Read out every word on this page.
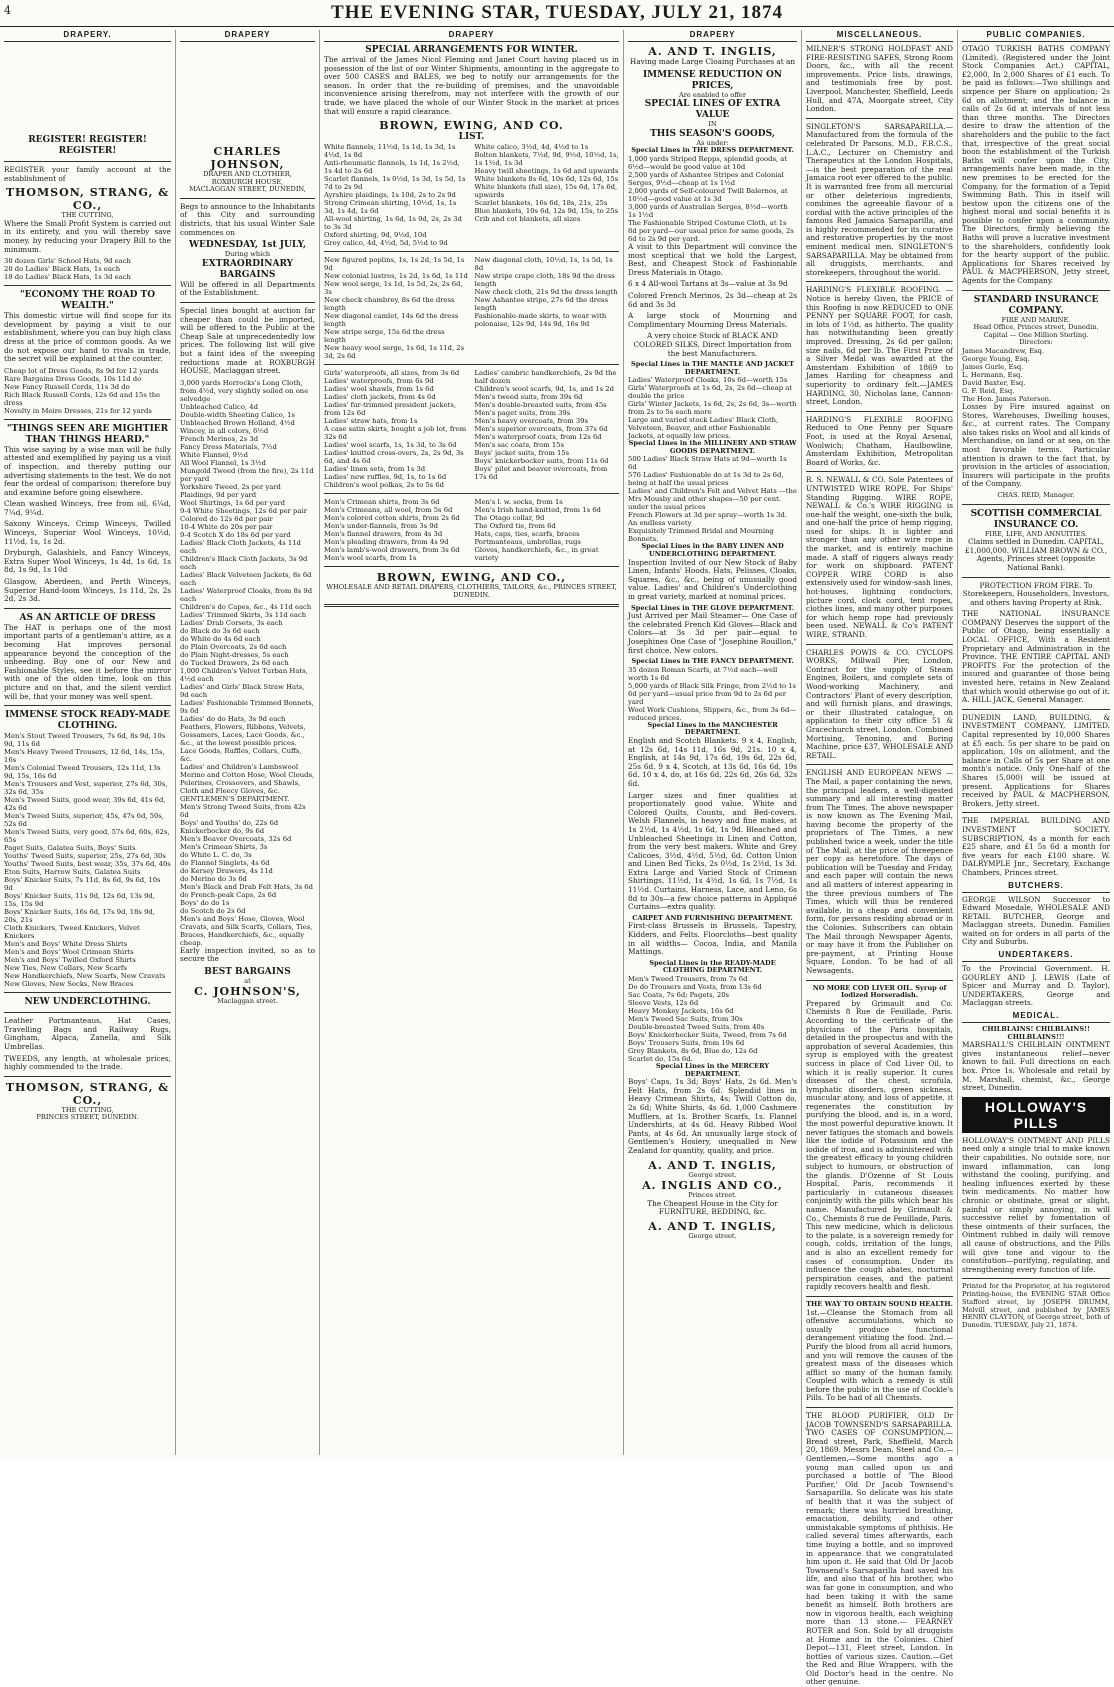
4	THE EVENING STAR, TUESDAY, JULY 21, 1874
DRAPERY.
REGISTER! REGISTER! REGISTER!

REGISTER your family account at the establishment of

THOMSON, STRANG, & CO.,
THE CUTTING,

Where the Small Profit System is carried out in its entirety, and you will thereby save money, by reducing your Drapery Bill to the minimum.

30 dozen Girls' School Hats, 9d each
20 do Ladies' Black Hats, 1s each
18 do Ladies' Black Hats, 1s 3d each
"ECONOMY THE ROAD TO WEALTH."

This domestic virtue will find scope for its development by paying a visit to our establishment, where you can buy high class dress at the price of common goods. As we do not expose our hand to rivals in trade, the secret will be explained at the counter.

Cheap lot of Dress Goods, 8s 9d for 12 yards
Rare Bargains Dress Goods, 10s 11d do
New Fancy Russell Cords, 11s 3d do
Rich Black Russell Cords, 12s 6d and 15s the dress
Novelty in Moire Dresses, 21s for 12 yards
"THINGS SEEN ARE MIGHTIER THAN THINGS HEARD."

This wise saying by a wise man will be fully attested and exemplified by paying us a visit of inspection, and thereby putting our advertising statements to the test. We do not fear the ordeal of comparison; therefore buy and examine before going elsewhere.

Clean washed Winceys, free from oil, 6¼d, 7¼d, 9¼d.

Saxony Winceys, Crimp Winceys, Twilled Winceys, Superior Wool Winceys, 10½d, 11½d, 1s, 1s 2d.

Dryburgh, Galashiels, and Fancy Winceys, Extra Super Wool Winceys, 1s 4d, 1s 6d, 1s 8d, 1s 9d, 1s 10d

Glasgow, Aberdeen, and Perth Winceys, Superior Hand-loom Winceys, 1s 11d, 2s, 2s 2d, 2s 3d.

AS AN ARTICLE OF DRESS

The HAT is perhaps one of the most important parts of a gentleman's attire, as a becoming Hat improves personal appearance beyond the conception of the unheeding. Buy one of our New and Fashionable Styles, see it before the mirror with one of the olden time, look on this picture and on that, and the silent verdict will be, that your money was well spent.

IMMENSE STOCK READY-MADE CLOTHING.
Men's Stout Tweed Trousers, 7s 6d, 8s 9d, 10s 9d, 11s 6d
Men's Heavy Tweed Trousers, 12 6d, 14s, 15s, 16s
Men's Colonial Tweed Trousers, 12s 11d, 13s 9d, 15s, 16s 6d
Men's Trousers and Vest, superior, 27s 6d, 30s, 32s 6d, 35s
Men's Tweed Suits, good wear, 39s 6d, 41s 6d, 42s 6d
Men's Tweed Suits, superior, 45s, 47s 6d, 50s, 52s 6d
Men's Tweed Suits, very good, 57s 6d, 60s, 62s, 65s
Paget Suits, Galatea Suits, Boys' Suits
Youths' Tweed Suits, superior, 25s, 27s 6d, 30s
Youths' Tweed Suits, best wear, 35s, 37s 6d, 40s
Eton Suits, Harrow Suits, Galatea Suits
Boys' Knicker Suits, 7s 11d, 8s 6d, 9s 6d, 10s 9d
Boys' Knicker Suits, 11s 9d, 12s 6d, 13s 9d, 15s, 15s 9d
Boys' Knicker Suits, 16s 6d, 17s 9d, 18s 9d, 20s, 21s
Cloth Knickers, Tweed Knickers, Velvet Knickers
Men's and Boys' White Dress Shirts
Men's and Boys' Wool Crimean Shirts
Men's and Boys' Twilled Oxford Shirts
New Ties, New Collars, New Scarfs
New Handkerchiefs, New Scarfs, New Cravats
New Gloves, New Socks, New Braces
NEW UNDERCLOTHING.

Leather Portmanteaus, Hat Cases, Travelling Bags and Railway Rugs, Gingham, Alpaca, Zanella, and Silk Umbrellas.

TWEEDS, any length, at wholesale prices, highly commended to the trade.

THOMSON, STRANG, & CO.,
THE CUTTING,
PRINCES STREET, DUNEDIN.
DRAPERY
CHARLES JOHNSON,
DRAPER AND CLOTHIER,
ROXBURGH HOUSE,
MACLAGGAN STREET, DUNEDIN,

Begs to announce to the Inhabitants of this City and surrounding districts, that his usual Winter Sale commences on

WEDNESDAY, 1st JULY,
During which
EXTRAORDINARY BARGAINS

Will be offered in all Departments of the Establishment.

Special lines bought at auction far cheaper than could be imported, will be offered to the Public at the Cheap Sale at unprecedentedly low prices. The following list will give but a faint idea of the sweeping reductions made at ROXBURGH HOUSE, Maclaggan street.

3,000 yards Horrocks's Long Cloth, from 4½d, very slightly soiled on one selvedge
Unbleached Calico, 4d
Double-width Sheeting Calico, 1s
Unbleached Brown Holland, 4½d
Wincey, in all colors, 6½d
French Merinos, 2s 3d
Fancy Dress Materials, 7½d
White Flannel, 9½d
All Wool Flannel, 1s 3½d
Mungold Tweed (from the fire), 2s 11d per yard
Yorkshire Tweed, 2s per yard
Plaidings, 9d per yard
Wool Shirtings, 1s 6d per yard
9-4 White Sheetings, 12s 6d per pair
Colored do 12s 6d per pair
10-4 White do 20s per pair
9-4 Scotch X do 18s 6d per yard
Ladies' Black Cloth Jackets, 4s 11d each
Children's Black Cloth Jackets, 3s 9d each
Ladies' Black Velveteen Jackets, 8s 6d each
Ladies' Waterproof Cloaks, from 8s 9d each
Children's do Capes, &c., 4s 11d each
Ladies' Trimmed Skirts, 3s 11d each
Ladies' Drab Corsets, 3s each
do Black do 3s 6d each
do White do 4s 6d each
do Plain Overcoats, 2s 6d each
do Plain Night-dresses, 5s each
do Tucked Drawers, 2s 6d each
1,000 Children's Velvet Turban Hats, 4½d each
Ladies' and Girls' Black Straw Hats, 9d each
Ladies' Fashionable Trimmed Bonnets, 9s 6d
Ladies' do do Hats, 3s 9d each
Feathers, Flowers, Ribbons, Velvets, Gossamers, Laces, Lace Goods, &c., &c., at the lowest possible prices.
Lace Goods, Ruffles, Collars, Cuffs, &c.
Ladies' and Children's Lambswool Merino and Cotton Hose, Wool Clouds, Pelerines, Crossovers, and Shawls, Cloth and Fleecy Gloves, &c.
GENTLEMEN'S DEPARTMENT.
Men's Strong Tweed Suits, from 42s 6d
Boys' and Youths' do, 22s 6d
Knickerbocker do, 9s 6d
Men's Beaver Overcoats, 32s 6d
Men's Crimean Shirts, 3s
do White L. C. do, 3s
do Flannel Singlets, 4s 6d
do Kersey Drawers, 4s 11d
do Merino do 3s 6d
Men's Black and Drab Felt Hats, 3s 6d
do French-peak Caps, 2s 6d
Boys' do do 1s
do Scotch do 2s 6d
Men's and Boys' Hose, Gloves, Wool Cravats, and Silk Scarfs, Collars, Ties, Braces, Handkerchiefs, &c., equally cheap.

Early inspection invited, so as to secure the

BEST BARGAINS
at
C. JOHNSON'S,
Maclaggan street.
DRAPERY
SPECIAL ARRANGEMENTS FOR WINTER.

The arrival of the James Nicol Fleming and Janet Court having placed us in possession of the list of our Winter Shipments, amounting in the aggregate to over 500 CASES and BALES, we beg to notify our arrangements for the season. In order that the re-building of premises, and the unavoidable inconvenience arising therefrom, may not interfere with the growth of our trade, we have placed the whole of our Winter Stock in the market at prices that will ensure a rapid clearance.

BROWN, EWING, AND CO.
LIST.
White flannels, 11½d, 1s 1d, 1s 3d, 1s 4½d, 1s 8d
Anti-rheumatic flannels, 1s 1d, 1s 2½d, 1s 4d to 2s 6d
Scarlet flannels, 1s 0½d, 1s 3d, 1s 5d, 1s 7d to 2s 9d
Ayrshire plaidings, 1s 10d, 2s to 2s 9d
Strong Crimean shirting, 10½d, 1s, 1s 3d, 1s 4d, 1s 6d
All-wool shirting, 1s 6d, 1s 9d, 2s, 2s 3d to 3s 3d
Oxford shirting, 9d, 9½d, 10d
Grey calico, 4d, 4½d, 5d, 5½d to 9d
White calico, 3½d, 4d, 4½d to 1s
Bolton blankets, 7½d, 9d, 9½d, 10½d, 1s, 1s 1½d, 1s 3d
Heavy twill sheetings, 1s 6d and upwards
White blankets 8s 6d, 10s 6d, 12s 6d, 15s
White blankets (full size), 15s 6d, 17s 6d, upwards
Scarlet blankets, 16s 6d, 18s, 21s, 25s
Blue blankets, 10s 6d, 12s 9d, 15s, to 25s
Crib and cot blankets, all sizes
New figured poplins, 1s, 1s 2d, 1s 5d, 1s 9d
New colonial lustres, 1s 2d, 1s 6d, 1s 11d
New wool serge, 1s 1d, 1s 5d, 2s, 2s 6d, 3s
New check chambrey, 8s 6d the dress length
New diagonal camlet, 14s 6d the dress length
New stripe serge, 15s 6d the dress length
New heavy wool serge, 1s 6d, 1s 11d, 2s 3d, 2s 6d
New diagonal cloth, 10½d, 1s, 1s 5d, 1s 8d
New stripe crape cloth, 18s 9d the dress length
New check cloth, 21s 9d the dress length
New Ashantee stripe, 27s 6d the dress length
Fashionable-made skirts, to wear with polonaise, 12s 9d, 14s 9d, 16s 9d
Girls' waterproofs, all sizes, from 3s 6d
Ladies' waterproofs, from 6s 9d
Ladies' wool shawls, from 1s 6d
Ladies' cloth jackets, from 4s 6d
Ladies' fur-trimmed president jackets, from 12s 6d
Ladies' straw hats, from 1s
A case satin skirts, bought a job lot, from 32s 6d
Ladies' wool scarfs, 1s, 1s 3d, to 3s 6d
Ladies' knitted cross-overs, 2s, 2s 9d, 3s 6d, and 4s 6d
Ladies' linen sets, from 1s 3d
Ladies' new ruffles, 9d, 1s, to 1s 6d
Children's wool polkas, 2s to 5s 6d
Ladies' cambric handkerchiefs, 2s 9d the half dozen
Children's wool scarfs, 9d, 1s, and 1s 2d
Men's tweed suits, from 39s 6d
Men's double-breasted suits, from 45s
Men's paget suits, from 39s
Men's heavy overcoats, from 39s
Men's superior overcoats, from 37s 6d
Men's waterproof coats, from 12s 6d
Men's sac coats, from 15s
Boys' jacket suits, from 15s
Boys' knickerbocker suits, from 11s 6d
Boys' pilot and beaver overcoats, from 17s 6d
Men's Crimean shirts, from 3s 6d
Men's Crimeans, all wool, from 5s 6d
Men's colored cotton shirts, from 2s 6d
Men's under-flannels, from 3s 9d
Men's flannel drawers, from 4s 3d
Men's pleading drawers, from 4s 9d
Men's lamb's-wool drawers, from 3s 6d
Men's wool scarfs, from 1s
Men's l. w. socks, from 1s
Men's Irish hand-knitted, from 1s 6d
The Otago collar, 9d
The Oxford tie, from 6d
Hats, caps, ties, scarfs, braces
Portmanteaus, umbrellas, rugs
Gloves, handkerchiefs, &c., in great variety
BROWN, EWING, AND CO.,
WHOLESALE AND RETAIL DRAPERS, CLOTHIERS, TAILORS, &c., PRINCES STREET, DUNEDIN.
DRAPERY
A. AND T. INGLIS,

Having made Large Cloaing Purchases at an

IMMENSE REDUCTION ON PRICES,
Are enabled to offer
SPECIAL LINES OF EXTRA VALUE
IN
THIS SEASON'S GOODS,
As under:
Special Lines in THE DRESS DEPARTMENT.
1,000 yards Striped Repps, splendid goods, at 6½d—would be good value at 10d
2,500 yards of Ashantee Stripes and Colonial Serges, 9½d—cheap at 1s 1½d
2,000 yards of Self-coloured Twill Balernos, at 10½d—good value at 1s 3d
3,000 yards of Australian Serges, 8½d—worth 1s 1½d
The Fashionable Striped Costume Cloth, at 1s 8d per yard—our usual price for same goods, 2s 6d to 2s 9d per yard.

A visit to this Department will convince the most sceptical that we hold the Largest, Best, and Cheapest Stock of Fashionable Dress Materials in Otago.

6 x 4 All-wool Tartans at 3s—value at 3s 9d

Colored French Merinos, 2s 3d—cheap at 2s 6d and 3s 3d

A large stock of Mourning and Complimentary Mourning Dress Materials.

A very choice Stock of BLACK AND COLORED SILKS, Direct Importation from the best Manufacturers.

Special Lines in THE MANTLE AND JACKET DEPARTMENT.
Ladies' Waterproof Cloaks, 10s 6d—worth 15s
Girls' Waterproofs at 1s 6d, 2s, 2s 6d—cheap at double the price
Girls' Winter Jackets, 1s 6d, 2s, 2s 6d, 3s—worth from 2s to 5s each more
Large and varied stock Ladies' Black Cloth, Velveteen, Beaver, and other Fashionable Jackets, at equally low prices.
Special Lines in the MILLINERY AND STRAW GOODS DEPARTMENT.
500 Ladies' Black Straw Hats at 9d—worth 1s 6d
576 Ladies' Fashionable do at 1s 3d to 2s 6d, being at half the usual prices
Ladies' and Children's Felt and Velvet Hats —the Mrs Mousby and other shapes—50 per cent. under the usual prices
French Flowers at 3d per spray—worth 1s 3d. An endless variety
Exquisitely Trimmed Bridal and Mourning Bonnets.
Special Lines in the BABY LINEN AND UNDERCLOTHING DEPARTMENT.

Inspection Invited of our New Stock of Baby Linen, Infants' Hoods, Hats, Pelisses, Cloaks, Squares, &c., &c., being of unusually good value. Ladies' and Children's Underclothing in great variety, marked at nominal prices.

Special Lines in THE GLOVE DEPARTMENT.

Just Arrived per Mail Steamer— One Case of the celebrated French Kid Gloves—Black and Colors—at 3s 3d per pair—equal to Josephines One Case of "Josephine Rouillon," first choice. New colors.

Special Lines in THE FANCY DEPARTMENT.
35 dozen Roman Scarfs, at 7½d each—well worth 1s 6d
5,000 yards of Black Silk Fringe, from 2½d to 1s 6d per yard—usual price from 9d to 2s 6d per yard
Wool Work Cushions, Slippers, &c., from 3s 6d—reduced prices.
Special Lines in the MANCHESTER DEPARTMENT.

English and Scotch Blankets. 9 x 4, English, at 12s 6d, 14s 11d, 16s 9d, 21s. 10 x 4, English, at 14s 9d, 17s 6d, 19s 6d, 22s 6d, 25s 6d. 9 x 4, Scotch, at 13s 6d, 16s 6d, 19s 6d. 10 x 4, do, at 16s 6d, 22s 6d, 26s 6d, 32s 6d.

Larger sizes and finer qualities at proportionately good value. White and Colored Quilts, Counts, and Bed-covers. Welsh Flannels, in heavy and fine makes, at 1s 2½d, 1s 4½d, 1s 6d, 1s 9d. Bleached and Unbleached Sheetings in Linen and Cotton, from the very best makers. White and Grey Calicoes, 3½d, 4½d, 5½d, 6d. Cotton Union and Linen Bed Ticks, 2s 0½d, 1s 2½d, 1s 3d. Extra Large and Varied Stock of Crimean Shirtings, 11½d, 1s 4½d, 1s 6d, 1s 7½d, 1s 11½d. Curtains, Harness, Lace, and Leno, 6s 8d to 30s—a few choice patterns in Appliqué Curtains—extra quality.

CARPET AND FURNISHING DEPARTMENT.

First-class Brussels in Brussels, Tapestry, Kidders, and Felts. Floorcloths—best quality in all widths— Cocoa, India, and Manila Mattings.

Special Lines in the READY-MADE CLOTHING DEPARTMENT.
Men's Tweed Trousers, from 7s 6d
Do do Trousers and Vests, from 13s 6d
Sac Coats, 7s 6d; Pagets, 20s
Sleeve Vests, 12s 6d
Heavy Monkey Jackets, 16s 6d
Men's Tweed Sac Suits, from 30s
Double-breasted Tweed Suits, from 40s
Boys' Knickerbocker Suits, Tweed, from 7s 6d
Boys' Trousers Suits, from 19s 6d
Grey Blankets, 8s 6d, Blue do, 12s 6d
Scarlet do, 15s 6d.
Special Lines in the MERCERY DEPARTMENT.

Boys' Caps, 1s 3d; Boys' Hats, 2s 6d. Men's Felt Hats, from 2s 6d. Splendid lines in Heavy Crimean Shirts, 4s; Twill Cotton do, 2s 6d; White Shirts, 4s 6d. 1,000 Cashmere Mufflers, at 1s. Brother Scarfs, 1s. Flannel Undershirts, at 4s 6d. Heavy Ribbed Wool Pants, at 4s 6d. An unusually large stock of Gentlemen's Hosiery, unequalled in New Zealand for quantity, quality, and price.

A. AND T. INGLIS,
George street.
A. INGLIS AND CO.,
Princes street.

The Cheapest House in the City for FURNITURE, BEDDING, &c.

A. AND T. INGLIS,
George street.
MISCELLANEOUS.

MILNER'S STRONG HOLDFAST AND FIRE-RESISTING SAFES, Strong Room Doors, &c., with all the recent improvements. Price lists, drawings, and testimonials free by post. Liverpool, Manchester, Sheffield, Leeds Hull, and 47A, Moorgate street, City London.

SINGLETON'S SARSAPARILLA.— Manufactured from the formula of the celebrated Dr Parsons, M.D., F.R.C.S., L.A.C., Lecturer on Chemistry and Therapeutics at the London Hospitals,—is the best preparation of the real Jamaica root ever offered to the public. It is warranted free from all mercurial or other deleterious ingredients, combines the agreeable flavour of a cordial with the active principles of the famous Red Jamaica Sarsaparilla, and is highly recommended for its curative and restorative properties by the most eminent medical men. SINGLETON'S SARSAPARILLA. May be obtained from all druggists, merchants, and storekeepers, throughout the world.

HARDING'S FLEXIBLE ROOFING. —Notice is hereby Given, the PRICE of this Roofing is now REDUCED to ONE PENNY per SQUARE FOOT, for cash, in lots of 1½d, as hitherto. The quality has notwithstanding been greatly improved. Dressing, 2s 6d per gallon; size nails, 6d per lb. The First Prize of a Silver Medal was awarded at the Amsterdam Exhibition of 1869 to James Harding for cheapness and superiority to ordinary felt.—JAMES HARDING, 30, Nicholas lane, Cannon-street, London.

HARDING'S FLEXIBLE ROOFING Reduced to One Penny per Square Foot, is used at the Royal Arsenal, Woolwich; Chatham, Haulbowline, Amsterdam Exhibition, Metropolitan Board of Works, &c.

R. S. NEWALL & CO. Sole Patentees of UNTWISTED WIRE ROPE, For Ships' Standing Rigging. WIRE ROPE, NEWALL & Co.'s WIRE RIGGING is one-half the weight, one-sixth the bulk, and one-half the price of hemp rigging, used for ships. It is lighter and stronger than any other wire rope in the market, and is entirely machine made. A staff of riggers always ready for work on shipboard. PATENT COPPER WIRE CORD is also extensively used for window-sash lines, hot-houses, lightning conductors, picture cord, clock cord, tent ropes, clothes lines, and many other purposes for which hemp rope had previously been used. NEWALL & Co's PATENT WIRE, STRAND.

CHARLES POWIS & CO. CYCLOPS WORKS, Millwall Pier, London, Contract for the supply of Steam Engines, Boilers, and complete sets of Wood-working Machinery, and Contractors' Plant of every description, and will furnish plans, and drawings, or their illustrated catalogue, on application to their city office 51 & Gracechurch street, London. Combined Mortising, Tenoning, and Boring Machine, price £37, WHOLESALE AND RETAIL.

ENGLISH AND EUROPEAN NEWS —The Mail, a paper containing the news, the principal leaders, a well-digested summary and all interesting matter from The Times. The above newspaper is now known as The Evening Mail, having become the property of the proprietors of The Times, a new published twice a week, under the title of The Mail, at the price of threepence per copy as heretofore. The days of publication will be Tuesday and Friday, and each paper will contain the news and all matters of interest appearing in the three previous numbers of The Times, which will thus be rendered available, in a cheap and convenient form, for persons residing abroad or in the Colonies. Subscribers can obtain The Mail through Newspaper Agents, or may have it from the Publisher on pre-payment, at Printing House Square, London. To be had of all Newsagents.

NO MORE COD LIVER OIL. Syrup of Iodized Horseradish.

Prepared by Grimault and Co. Chemists 8 Rue de Feuillade, Paris. According to the certificate of the physicians of the Paris hospitals, detailed in the prospectus and with the approbation of several Academies, this syrup is employed with the greatest success in place of Cod Liver Oil, to which it is really superior. It cures diseases of the chest, scrofula, lymphatic disorders, green sickness, muscular atony, and loss of appetite, it regenerates the constitution by purifying the blood, and is, in a word, the most powerful depurative known. It never fatigues the stomach and bowels like the iodide of Potassium and the iodide of iron, and is administered with the greatest efficacy to young children subject to humours, or obstruction of the glands. D'Ozenne of St Louis Hospital, Paris, recommends it particularly in cutaneous diseases conjointly with the pills which bear his name. Manufactured by Grimault & Co., Chemists 8 rue de Feuillade, Paris. This new medicine, which is delicious to the palate, is a sovereign remedy for cough, colds, irritation of the lungs, and is also an excellent remedy for cases of consumption. Under its influence the cough abates, nocturnal perspiration ceases, and the patient rapidly recovers health and flesh.

THE WAY TO OBTAIN SOUND HEALTH.

1st.—Cleanse the Stomach from all offensive accumulations, which so usually produce functional derangement vitiating the food. 2nd.—Purify the blood from all acrid humors, and you will remove the causes of the greatest mass of the diseases which afflict so many of the human family. Coupled with which a remedy is still before the public in the use of Cockle's Pills. To be had of all Chemists.

THE BLOOD PURIFIER, OLD Dr JACOB TOWNSEND'S SARSAPARILLA. TWO CASES OF CONSUMPTION.—Bread street, Park, Sheffield, March 20, 1869. Messrs Dean, Steel and Co.— Gentlemen,—Some months ago a young man called upon us and purchased a bottle of 'The Blood Purifier,' Old Dr Jacob Townsend's Sarsaparilla. So delicate was his state of health that it was the subject of remark; there was hurried breathing, emaciation, debility, and other unmistakable symptoms of phthisis. He called several times afterwards, each time buying a bottle, and so improved in appearance that we congratulated him upon it. He said that Old Dr Jacob Townsend's Sarsaparilla had saved his life, and also that of his brother, who was far gone in consumption, and who had been taking it with the same benefit as himself. Both brothers are now in vigorous health, each weighing more than 13 stone.— FEARNEY ROTER and Son. Sold by all druggists at Home and in the Colonies. Chief Depot—131, Fleet street, London. In bottles of various sizes. Caution.—Get the Red and Blue Wrappers, with the Old Doctor's head in the centre. No other genuine.

PUBLIC COMPANIES.

OTAGO TURKISH BATHS COMPANY (Limited). (Registered under the Joint Stock Companies Act.) CAPITAL, £2,000, In 2,000 Shares of £1 each. To be paid as follows:—Two shillings and sixpence per Share on application; 2s 6d on allotment; and the balance in calls of 2s 6d at intervals of not less than three months. The Directors desire to draw the attention of the shareholders and the public to the fact that, irrespective of the great social boon the establishment of the Turkish Baths will confer upon the City, arrangements have been made, in the new premises to be erected for the Company, for the formation of a Tepid Swimming Bath. This in itself will bestow upon the citizens one of the highest moral and social benefits it is possible to confer upon a community. The Directors, firmly believing the Baths will prove a lucrative investment to the shareholders, confidently look for the hearty support of the public. Applications for Shares received by PAUL & MACPHERSON, Jetty street, Agents for the Company.

STANDARD INSURANCE COMPANY.
FIRE AND MARINE.
Head Office, Princes street, Dunedin.
Capital — One Million Sterling.
Directors:
James Macandrew, Esq.
George Young, Esq.
James Gurle, Esq.
L. Hermann, Esq.
David Baxter, Esq.
G. F. Reid, Esq.
The Hon. James Paterson.

Losses by Fire insured against on Stores, Warehouses, Dwelling houses, &c., at current rates. The Company also takes risks on Wool and all kinds of Merchandise, on land or at sea, on the most favorable terms. Particular attention is drawn to the fact that, by provision in the articles of association, Insurers will participate in the profits of the Company.

CHAS. REID, Manager.
SCOTTISH COMMERCIAL INSURANCE CO.
FIRE, LIFE, AND ANNUITIES.

Claims settled in Dunedin. CAPITAL, £1,000,000. WILLIAM BROWN & CO., Agents, Princes street (opposite National Bank).

PROTECTION FROM FIRE. To Storekeepers, Householders, Investors, and others having Property at Risk.

THE NATIONAL INSURANCE COMPANY Deserves the support of the Public of Otago, being essentially a LOCAL OFFICE, With a Resident Proprietary and Administration in the Province. THE ENTIRE CAPITAL AND PROFITS For the protection of the insured and guarantee of those being invested here, retains in New Zealand that which would otherwise go out of it. A. HILL JACK, General Manager.

DUNEDIN LAND, BUILDING, & INVESTMENT COMPANY, LIMITED. Capital represented by 10,000 Shares at £5 each. 5s per share to be paid on application, 10s on allotment, and the balance in Calls of 5s per Share at one month's notice. Only One-half of the Shares (5,000) will be issued at present. Applications for Shares received by PAUL & MACPHERSON, Brokers, Jetty street.

THE IMPERIAL BUILDING AND INVESTMENT SOCIETY. SUBSCRIPTION, 4s a month for each £25 share, and £1 5s 6d a month for five years for each £100 share. W. DALRYMPLE Jnr., Secretary, Exchange Chambers, Princes street.

BUTCHERS.

GEORGE WILSON Successor to Edward Mosedale, WHOLESALE AND RETAIL BUTCHER, George and Maclaggan streets, Dunedin. Families waited on for orders in all parts of the City and Suburbs.

UNDERTAKERS.

To the Provincial Government. H. GOURLEY AND J. LEWIS (Late of Spicer and Murray and D. Taylor), UNDERTAKERS, George and Maclaggan streets.

MEDICAL.
CHILBLAINS! CHILBLAINS!! CHILBLAINS!!!

MARSHALL'S CHILBLAIN OINTMENT gives instantaneous relief—never known to fail. Full directions on each box. Price 1s. Wholesale and retail by M. Marshall, chemist, &c., George street, Dunedin.

HOLLOWAY'S PILLS

HOLLOWAY'S OINTMENT AND PILLS need only a single trial to make known their capabilities. No outside sore, nor inward inflammation, can long withstand the cooling, purifying, and healing influences exerted by these twin medicaments. No matter how chronic or obstinate, great or slight, painful or simply annoying, in will successive relief by fomentation of these ointments of their surfaces, the Ointment rubbed in daily will remove all cause of obstructions, and the Pills will give tone and vigour to the constitution—purifying, regulating, and strengthening every function of life.

Printed for the Proprietor, at his registered Printing-house, the EVENING STAR Office Stafford street, by JOSEPH DRUMM, Melvill street, and published by JAMES HENRY CLAYTON, of George street, both of Dunedin. TUESDAY, July 21, 1874.
